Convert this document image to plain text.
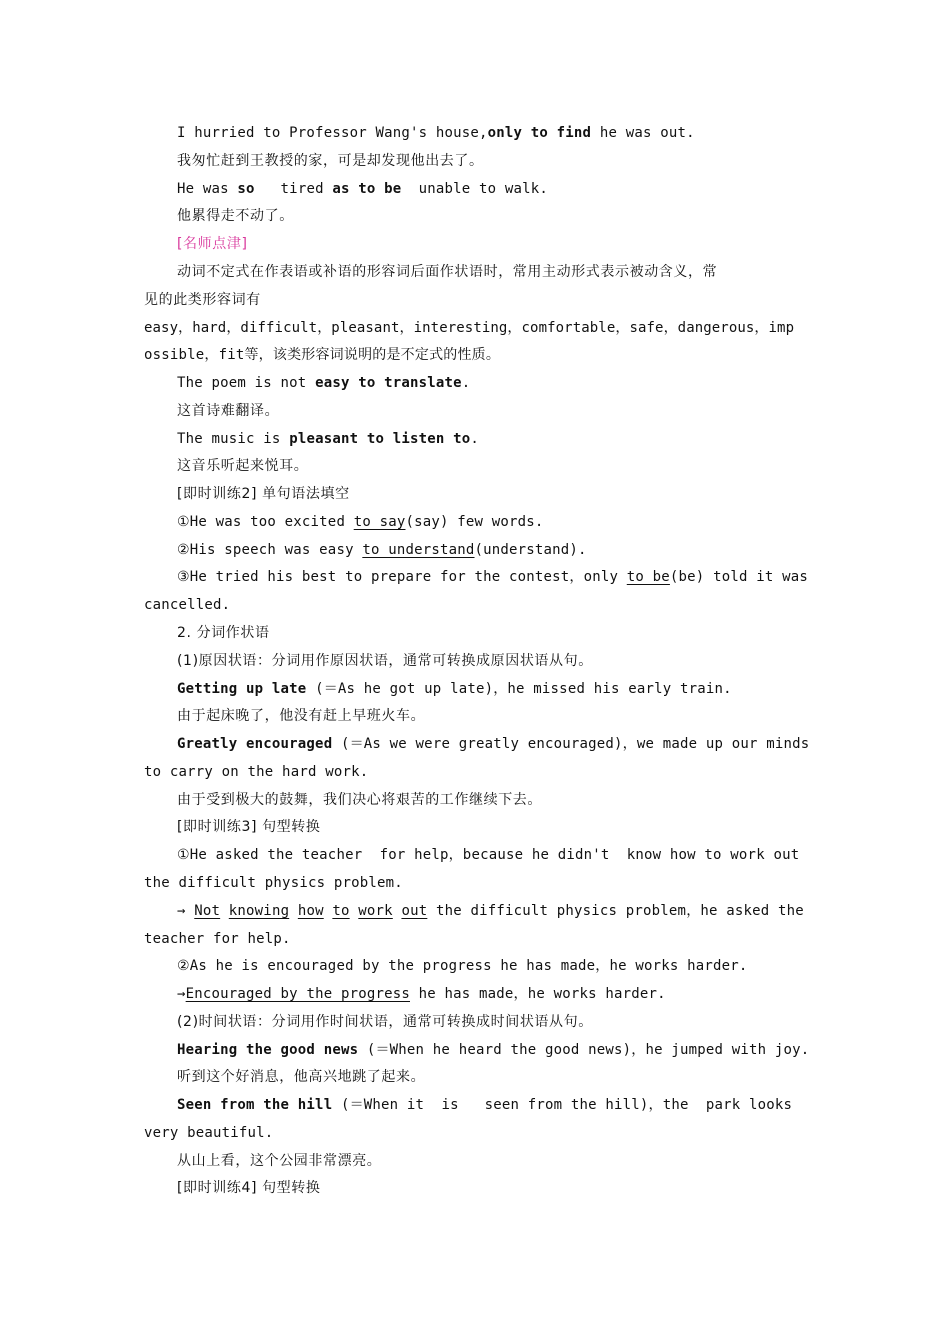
I hurried to Professor Wang's house,only to find he was out.
我匆忙赶到王教授的家，可是却发现他出去了。
He was so   tired as to be  unable to walk.
他累得走不动了。
[名师点津]
动词不定式在作表语或补语的形容词后面作状语时，常用主动形式表示被动含义，常
见的此类形容词有
easy，hard，difficult，pleasant，interesting，comfortable，safe，dangerous，imp
ossible，fit等，该类形容词说明的是不定式的性质。
The poem is not easy to translate.
这首诗难翻译。
The music is pleasant to listen to.
这音乐听起来悦耳。
[即时训练2] 单句语法填空
①He was too excited to say(say) few words.
②His speech was easy to understand(understand).
③He tried his best to prepare for the contest，only to be(be) told it was
cancelled.
2. 分词作状语
(1)原因状语：分词用作原因状语，通常可转换成原因状语从句。
Getting up late (＝As he got up late)，he missed his early train.
由于起床晚了，他没有赶上早班火车。
Greatly encouraged (＝As we were greatly encouraged)，we made up our minds
to carry on the hard work.
由于受到极大的鼓舞，我们决心将艰苦的工作继续下去。
[即时训练3] 句型转换
①He asked the teacher  for help，because he didn't  know how to work out
the difficult physics problem.
→ Not knowing how to work out the difficult physics problem，he asked the
teacher for help.
②As he is encouraged by the progress he has made，he works harder.
→Encouraged by the progress he has made，he works harder.
(2)时间状语：分词用作时间状语，通常可转换成时间状语从句。
Hearing the good news (＝When he heard the good news)，he jumped with joy.
听到这个好消息，他高兴地跳了起来。
Seen from the hill (＝When it  is   seen from the hill)，the  park looks
very beautiful.
从山上看，这个公园非常漂亮。
[即时训练4] 句型转换
